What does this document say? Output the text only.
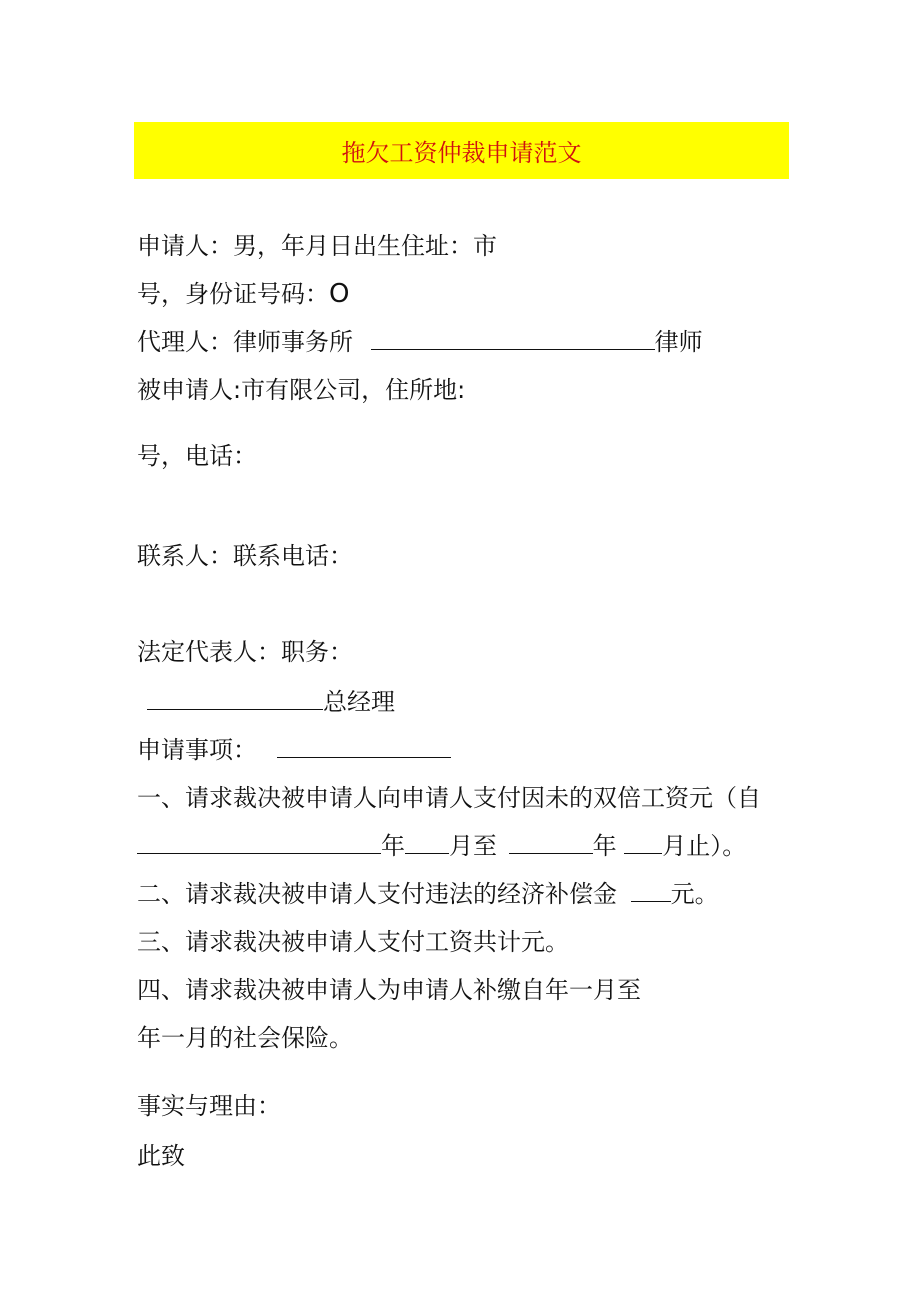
拖欠工资仲裁申请范文
申请人：男，年月日出生住址：市
号，身份证号码：O
代理人：律师事务所	律师
被申请人:市有限公司，住所地:
号，电话：
联系人：联系电话：
法定代表人：职务：
总经理
申请事项：
一、请求裁决被申请人向申请人支付因未的双倍工资元（自
年 月至	年 月止）。
二、请求裁决被申请人支付违法的经济补偿金 元。
三、请求裁决被申请人支付工资共计元。
四、请求裁决被申请人为申请人补缴自年一月至
年一月的社会保险。
事实与理由：
此致
